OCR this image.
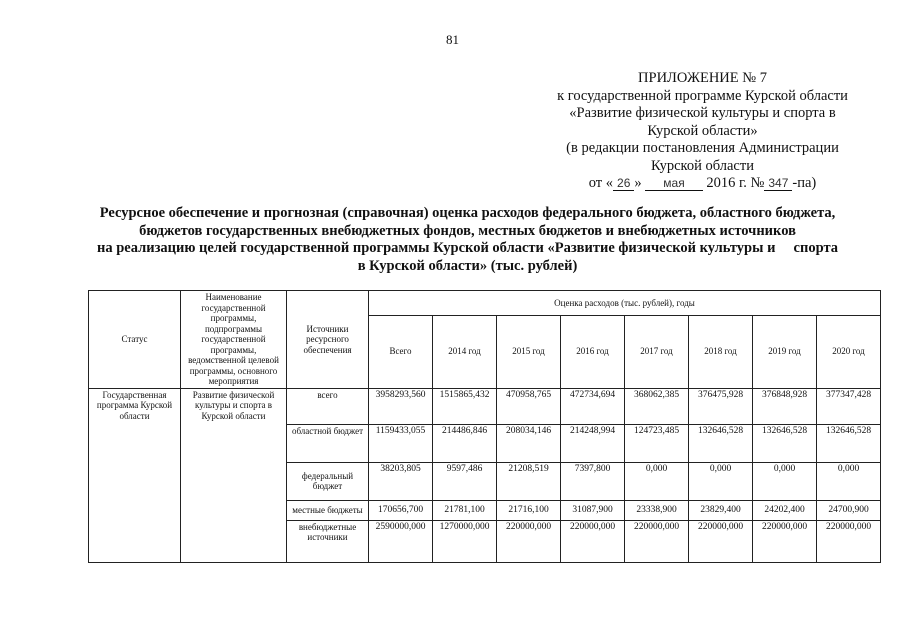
81
ПРИЛОЖЕНИЕ № 7
к государственной программе Курской области
«Развитие физической культуры и спорта в
Курской области»
(в редакции постановления Администрации
Курской области
от « 26 » мая 2016 г. № 347 -па)
Ресурсное обеспечение и прогнозная (справочная) оценка расходов федерального бюджета, областного бюджета,
бюджетов государственных внебюджетных фондов, местных бюджетов и внебюджетных источников
на реализацию целей государственной программы Курской области «Развитие физической культуры и     спорта
в Курской области» (тыс. рублей)
Статус	Наименование государственной программы, подпрограммы государственной программы, ведомственной целевой программы, основного мероприятия	Источники ресурсного обеспечения	Оценка расходов (тыс. рублей), годы							
			Всего	2014 год	2015 год	2016 год	2017 год	2018 год	2019 год	2020 год
Государственная программа Курской области	Развитие физической культуры и спорта в Курской области	всего	3958293,560	1515865,432	470958,765	472734,694	368062,385	376475,928	376848,928	377347,428
		областной бюджет	1159433,055	214486,846	208034,146	214248,994	124723,485	132646,528	132646,528	132646,528
		федеральный бюджет	38203,805	9597,486	21208,519	7397,800	0,000	0,000	0,000	0,000
		местные бюджеты	170656,700	21781,100	21716,100	31087,900	23338,900	23829,400	24202,400	24700,900
		внебюджетные источники	2590000,000	1270000,000	220000,000	220000,000	220000,000	220000,000	220000,000	220000,000
